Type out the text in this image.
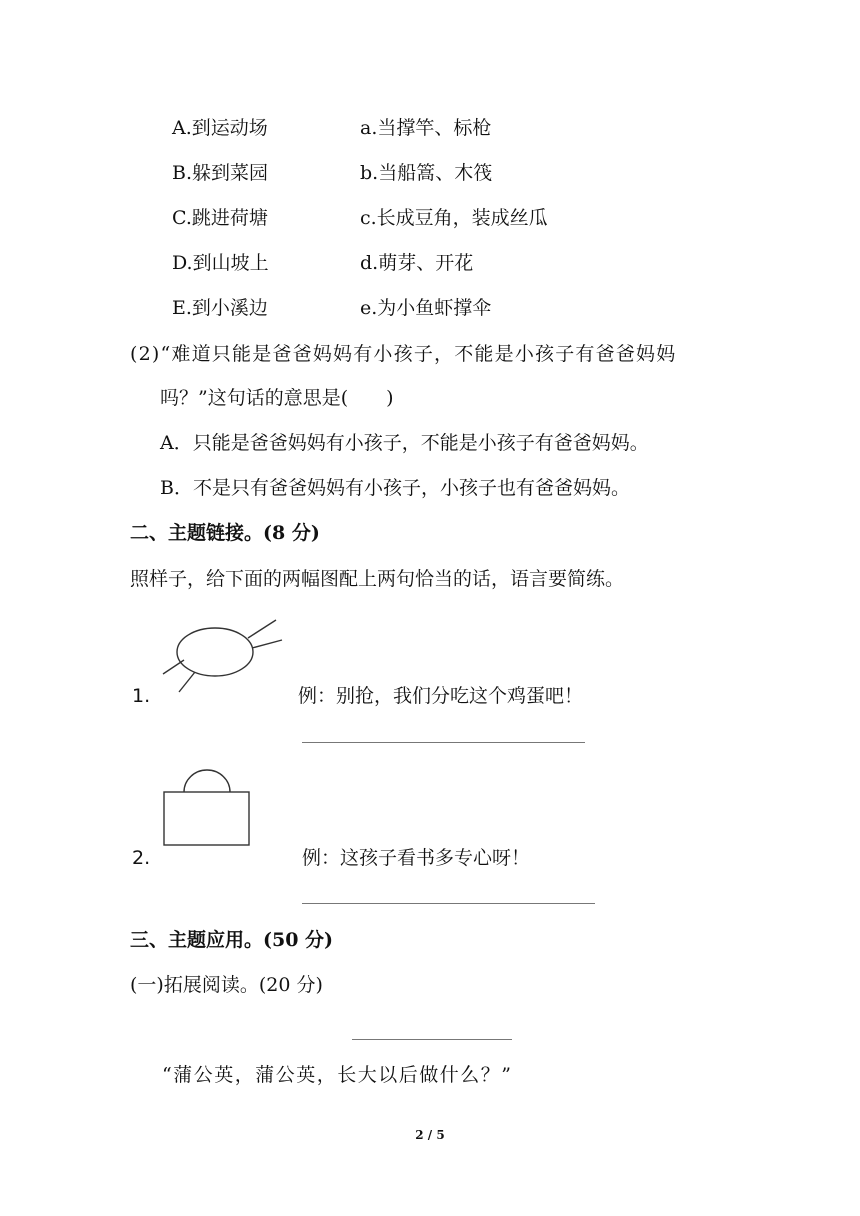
A.到运动场	a.当撑竿、标枪
B.躲到菜园	b.当船篙、木筏
C.跳进荷塘	c.长成豆角，装成丝瓜
D.到山坡上	d.萌芽、开花
E.到小溪边	e.为小鱼虾撑伞
(2)“难道只能是爸爸妈妈有小孩子，不能是小孩子有爸爸妈妈
吗？”这句话的意思是(　　)
A．只能是爸爸妈妈有小孩子，不能是小孩子有爸爸妈妈。
B．不是只有爸爸妈妈有小孩子，小孩子也有爸爸妈妈。
二、主题链接。(8 分)
照样子，给下面的两幅图配上两句恰当的话，语言要简练。
1.	例：别抢，我们分吃这个鸡蛋吧！
2.	例：这孩子看书多专心呀！
三、主题应用。(50 分)
(一)拓展阅读。(20 分)
“蒲公英，蒲公英，长大以后做什么？”
2 / 5
